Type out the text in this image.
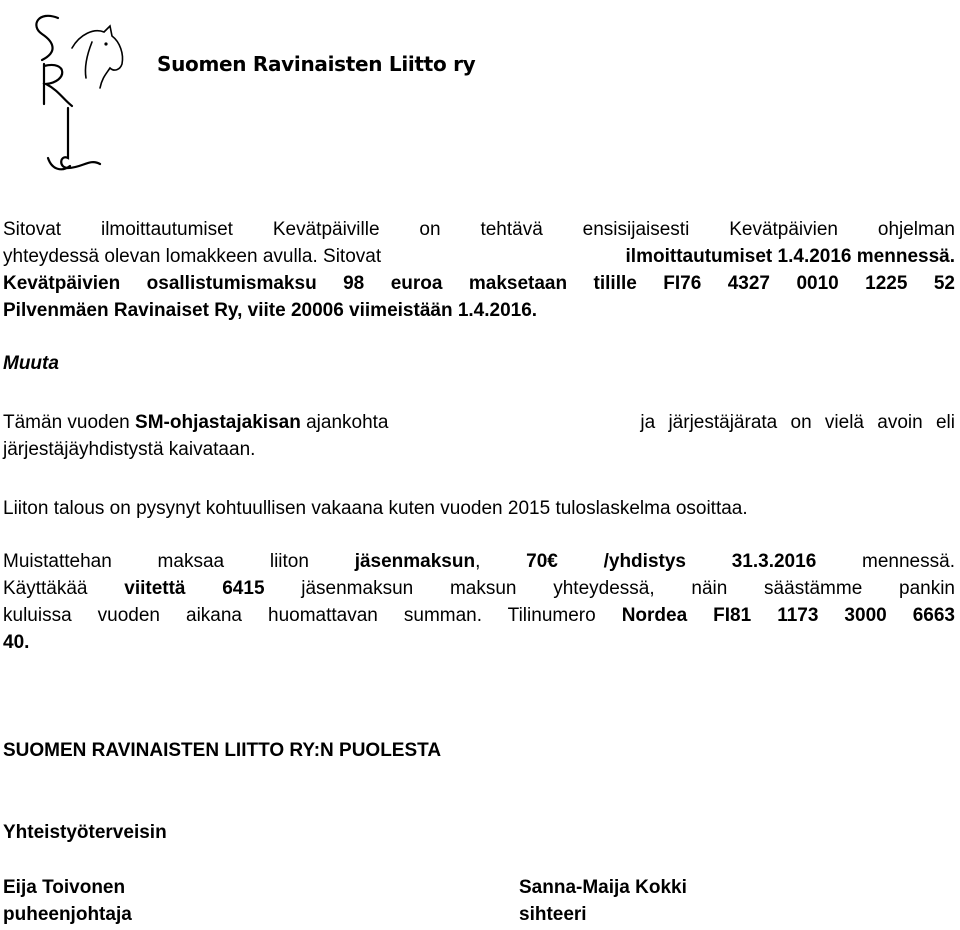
Suomen Ravinaisten Liitto ry
Sitovat ilmoittautumiset Kevätpäiville on tehtävä ensisijaisesti Kevätpäivien ohjelman
yhteydessä olevan lomakkeen avulla. Sitovat	ilmoittautumiset 1.4.2016 mennessä.
Kevätpäivien osallistumismaksu 98 euroa maksetaan tilille FI76 4327 0010 1225 52
Pilvenmäen Ravinaiset Ry, viite 20006 viimeistään 1.4.2016.
Muuta
Tämän vuoden SM-ohjastajakisan ajankohta	ja järjestäjärata on vielä avoin eli
järjestäjäyhdistystä kaivataan.
Liiton talous on pysynyt kohtuullisen vakaana kuten vuoden 2015 tuloslaskelma osoittaa.
Muistattehan maksaa liiton jäsenmaksun, 70€ /yhdistys 31.3.2016 mennessä.
Käyttäkää viitettä 6415 jäsenmaksun maksun yhteydessä, näin säästämme pankin
kuluissa vuoden aikana huomattavan summan. Tilinumero Nordea FI81 1173 3000 6663
40.
SUOMEN RAVINAISTEN LIITTO RY:N PUOLESTA
Yhteistyöterveisin
Eija Toivonen
puheenjohtaja
Sanna-Maija Kokki
sihteeri
